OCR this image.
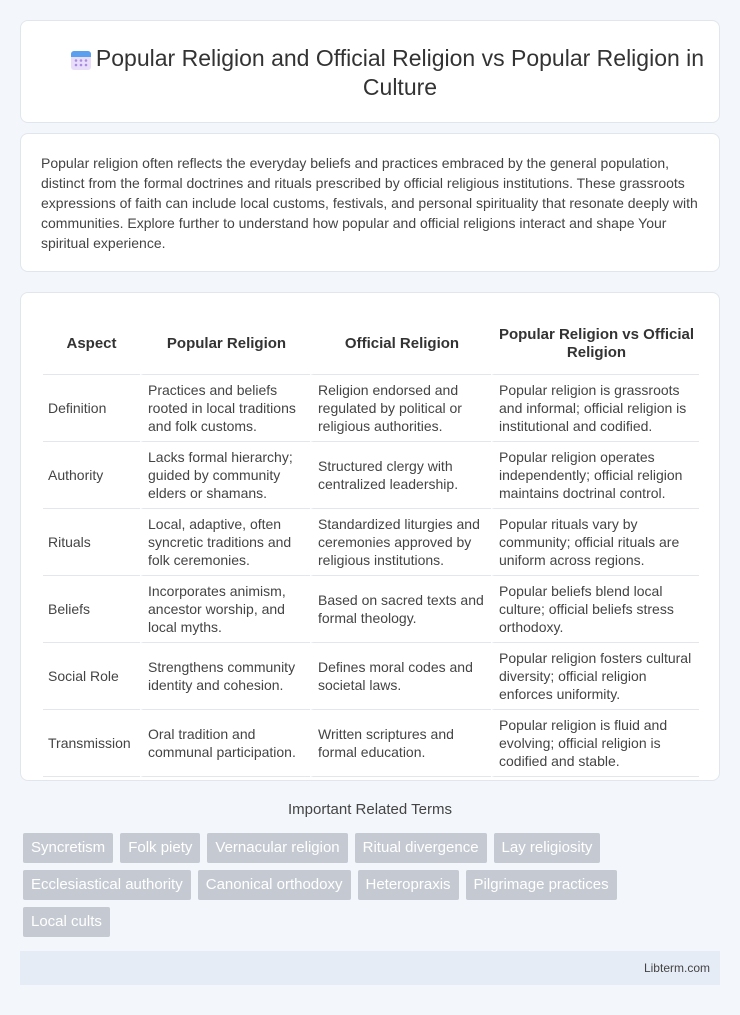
Popular Religion and Official Religion vs Popular Religion in Culture

Popular religion often reflects the everyday beliefs and practices embraced by the general population, distinct from the formal doctrines and rituals prescribed by official religious institutions. These grassroots expressions of faith can include local customs, festivals, and personal spirituality that resonate deeply with communities. Explore further to understand how popular and official religions interact and shape Your spiritual experience.

Aspect	Popular Religion	Official Religion	Popular Religion vs Official Religion
Definition	Practices and beliefs rooted in local traditions and folk customs.	Religion endorsed and regulated by political or religious authorities.	Popular religion is grassroots and informal; official religion is institutional and codified.
Authority	Lacks formal hierarchy; guided by community elders or shamans.	Structured clergy with centralized leadership.	Popular religion operates independently; official religion maintains doctrinal control.
Rituals	Local, adaptive, often syncretic traditions and folk ceremonies.	Standardized liturgies and ceremonies approved by religious institutions.	Popular rituals vary by community; official rituals are uniform across regions.
Beliefs	Incorporates animism, ancestor worship, and local myths.	Based on sacred texts and formal theology.	Popular beliefs blend local culture; official beliefs stress orthodoxy.
Social Role	Strengthens community identity and cohesion.	Defines moral codes and societal laws.	Popular religion fosters cultural diversity; official religion enforces uniformity.
Transmission	Oral tradition and communal participation.	Written scriptures and formal education.	Popular religion is fluid and evolving; official religion is codified and stable.
Important Related Terms
Syncretism	Folk piety	Vernacular religion	Ritual divergence	Lay religiosity
Ecclesiastical authority	Canonical orthodoxy	Heteropraxis	Pilgrimage practices
Local cults
Libterm.com
